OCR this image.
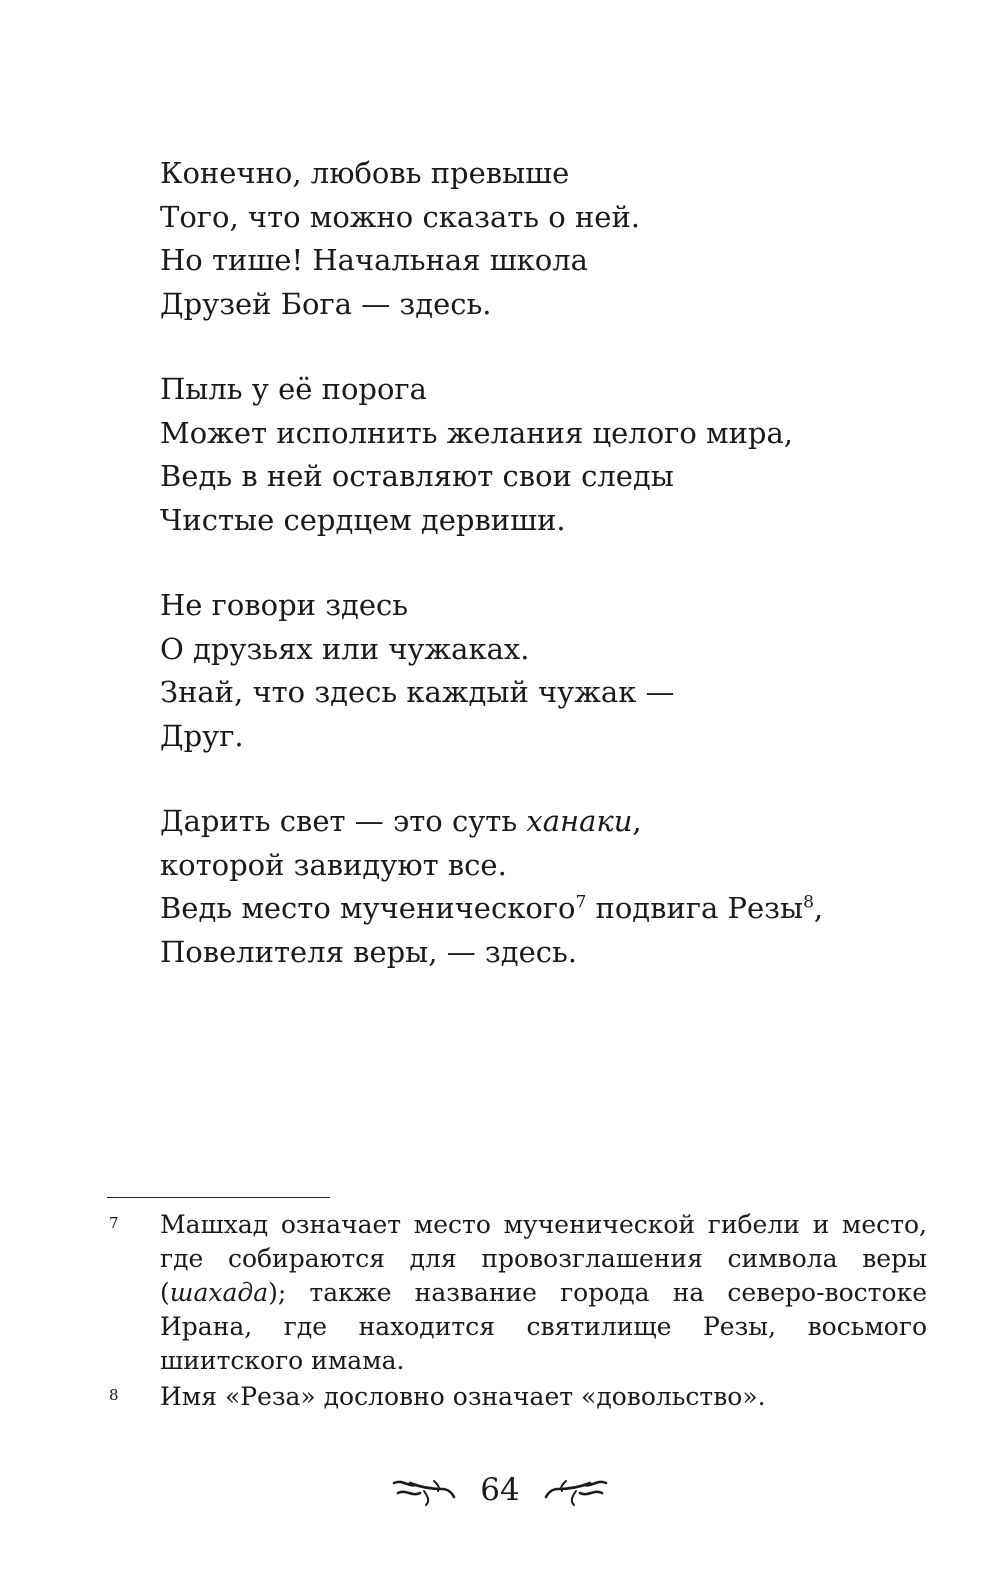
Конечно, любовь превыше
Того, что можно сказать о ней.
Но тише! Начальная школа
Друзей Бога — здесь.
Пыль у её порога
Может исполнить желания целого мира,
Ведь в ней оставляют свои следы
Чистые сердцем дервиши.
Не говори здесь
О друзьях или чужаках.
Знай, что здесь каждый чужак —
Друг.
Дарить свет — это суть ханаки,
которой завидуют все.
Ведь место мученического$^7$ подвига Резы$^8$,
Повелителя веры, — здесь.
7 Машхад означает место мученической гибели и место, где собираются для провозглашения символа веры (шахада); также название города на северо-востоке Ирана, где находится святилище Резы, восьмого шиитского имама.
8 Имя «Реза» дословно означает «довольство».
64
